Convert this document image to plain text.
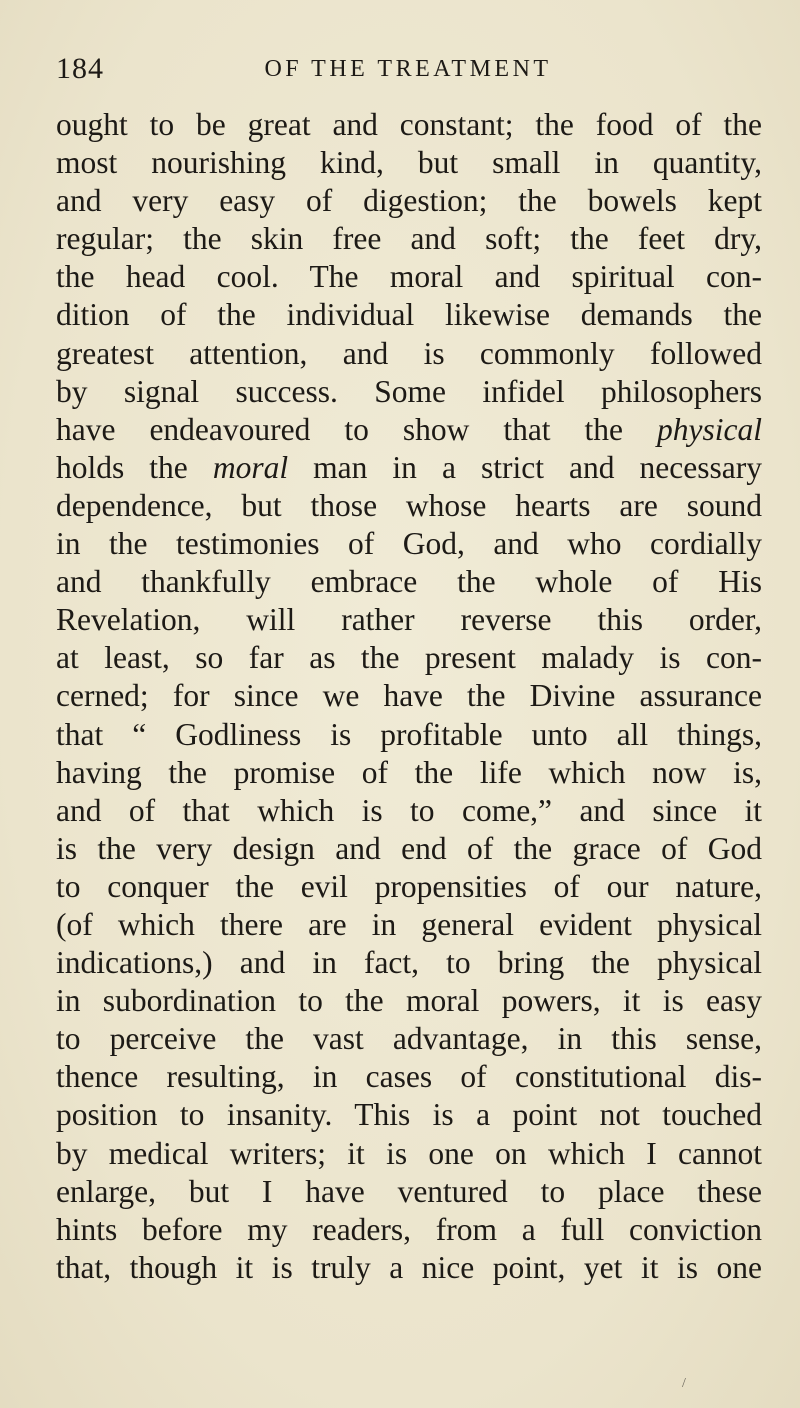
184	OF THE TREATMENT
ought to be great and constant; the food of the
most nourishing kind, but small in quantity,
and very easy of digestion; the bowels kept
regular; the skin free and soft; the feet dry,
the head cool. The moral and spiritual con-
dition of the individual likewise demands the
greatest attention, and is commonly followed
by signal success. Some infidel philosophers
have endeavoured to show that the physical
holds the moral man in a strict and necessary
dependence, but those whose hearts are sound
in the testimonies of God, and who cordially
and thankfully embrace the whole of His
Revelation, will rather reverse this order,
at least, so far as the present malady is con-
cerned; for since we have the Divine assurance
that “ Godliness is profitable unto all things,
having the promise of the life which now is,
and of that which is to come,” and since it
is the very design and end of the grace of God
to conquer the evil propensities of our nature,
(of which there are in general evident physical
indications,) and in fact, to bring the physical
in subordination to the moral powers, it is easy
to perceive the vast advantage, in this sense,
thence resulting, in cases of constitutional dis-
position to insanity. This is a point not touched
by medical writers; it is one on which I cannot
enlarge, but I have ventured to place these
hints before my readers, from a full conviction
that, though it is truly a nice point, yet it is one
/
